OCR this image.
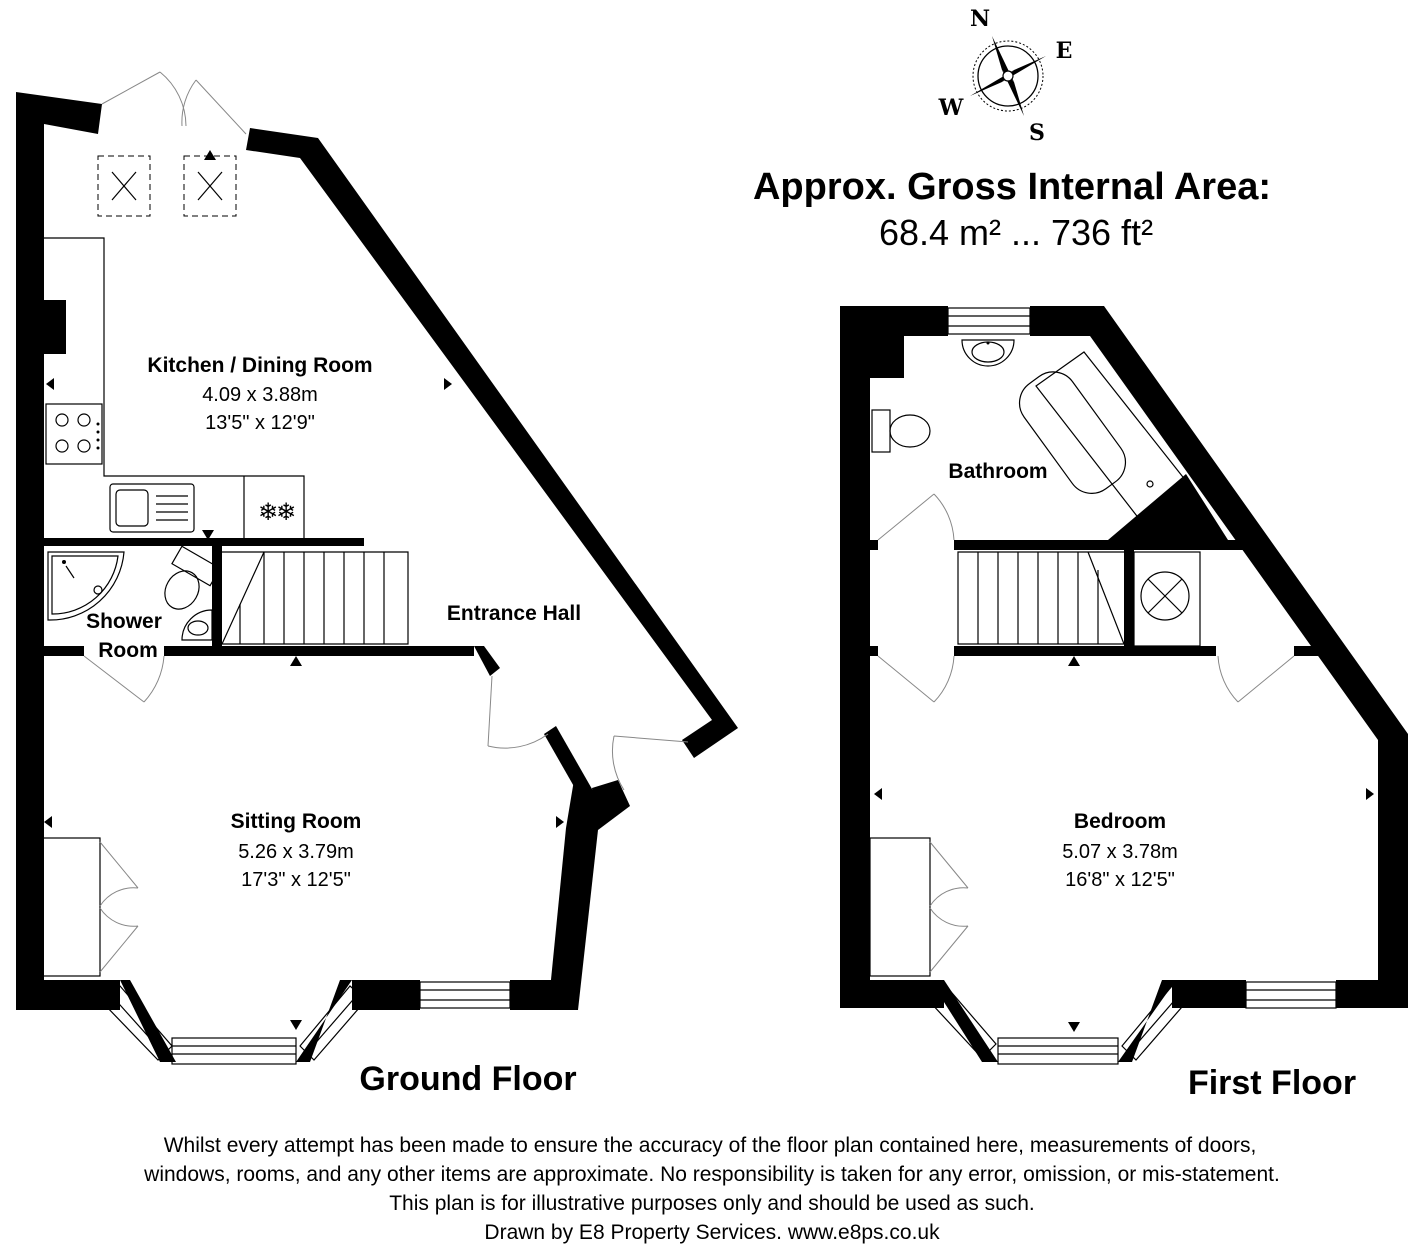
N
E
S
W
Approx. Gross Internal Area:
68.4 m² ... 736 ft²
❄
❄
Kitchen / Dining Room
4.09 x 3.88m
13'5" x 12'9"
Shower
Room
Entrance Hall
Sitting Room
5.26 x 3.79m
17'3" x 12'5"
Ground Floor
Bathroom
Bedroom
5.07 x 3.78m
16'8" x 12'5"
First Floor
Whilst every attempt has been made to ensure the accuracy of the floor plan contained here, measurements of doors,
windows, rooms, and any other items are approximate. No responsibility is taken for any error, omission, or mis-statement.
This plan is for illustrative purposes only and should be used as such.
Drawn by E8 Property Services. www.e8ps.co.uk
